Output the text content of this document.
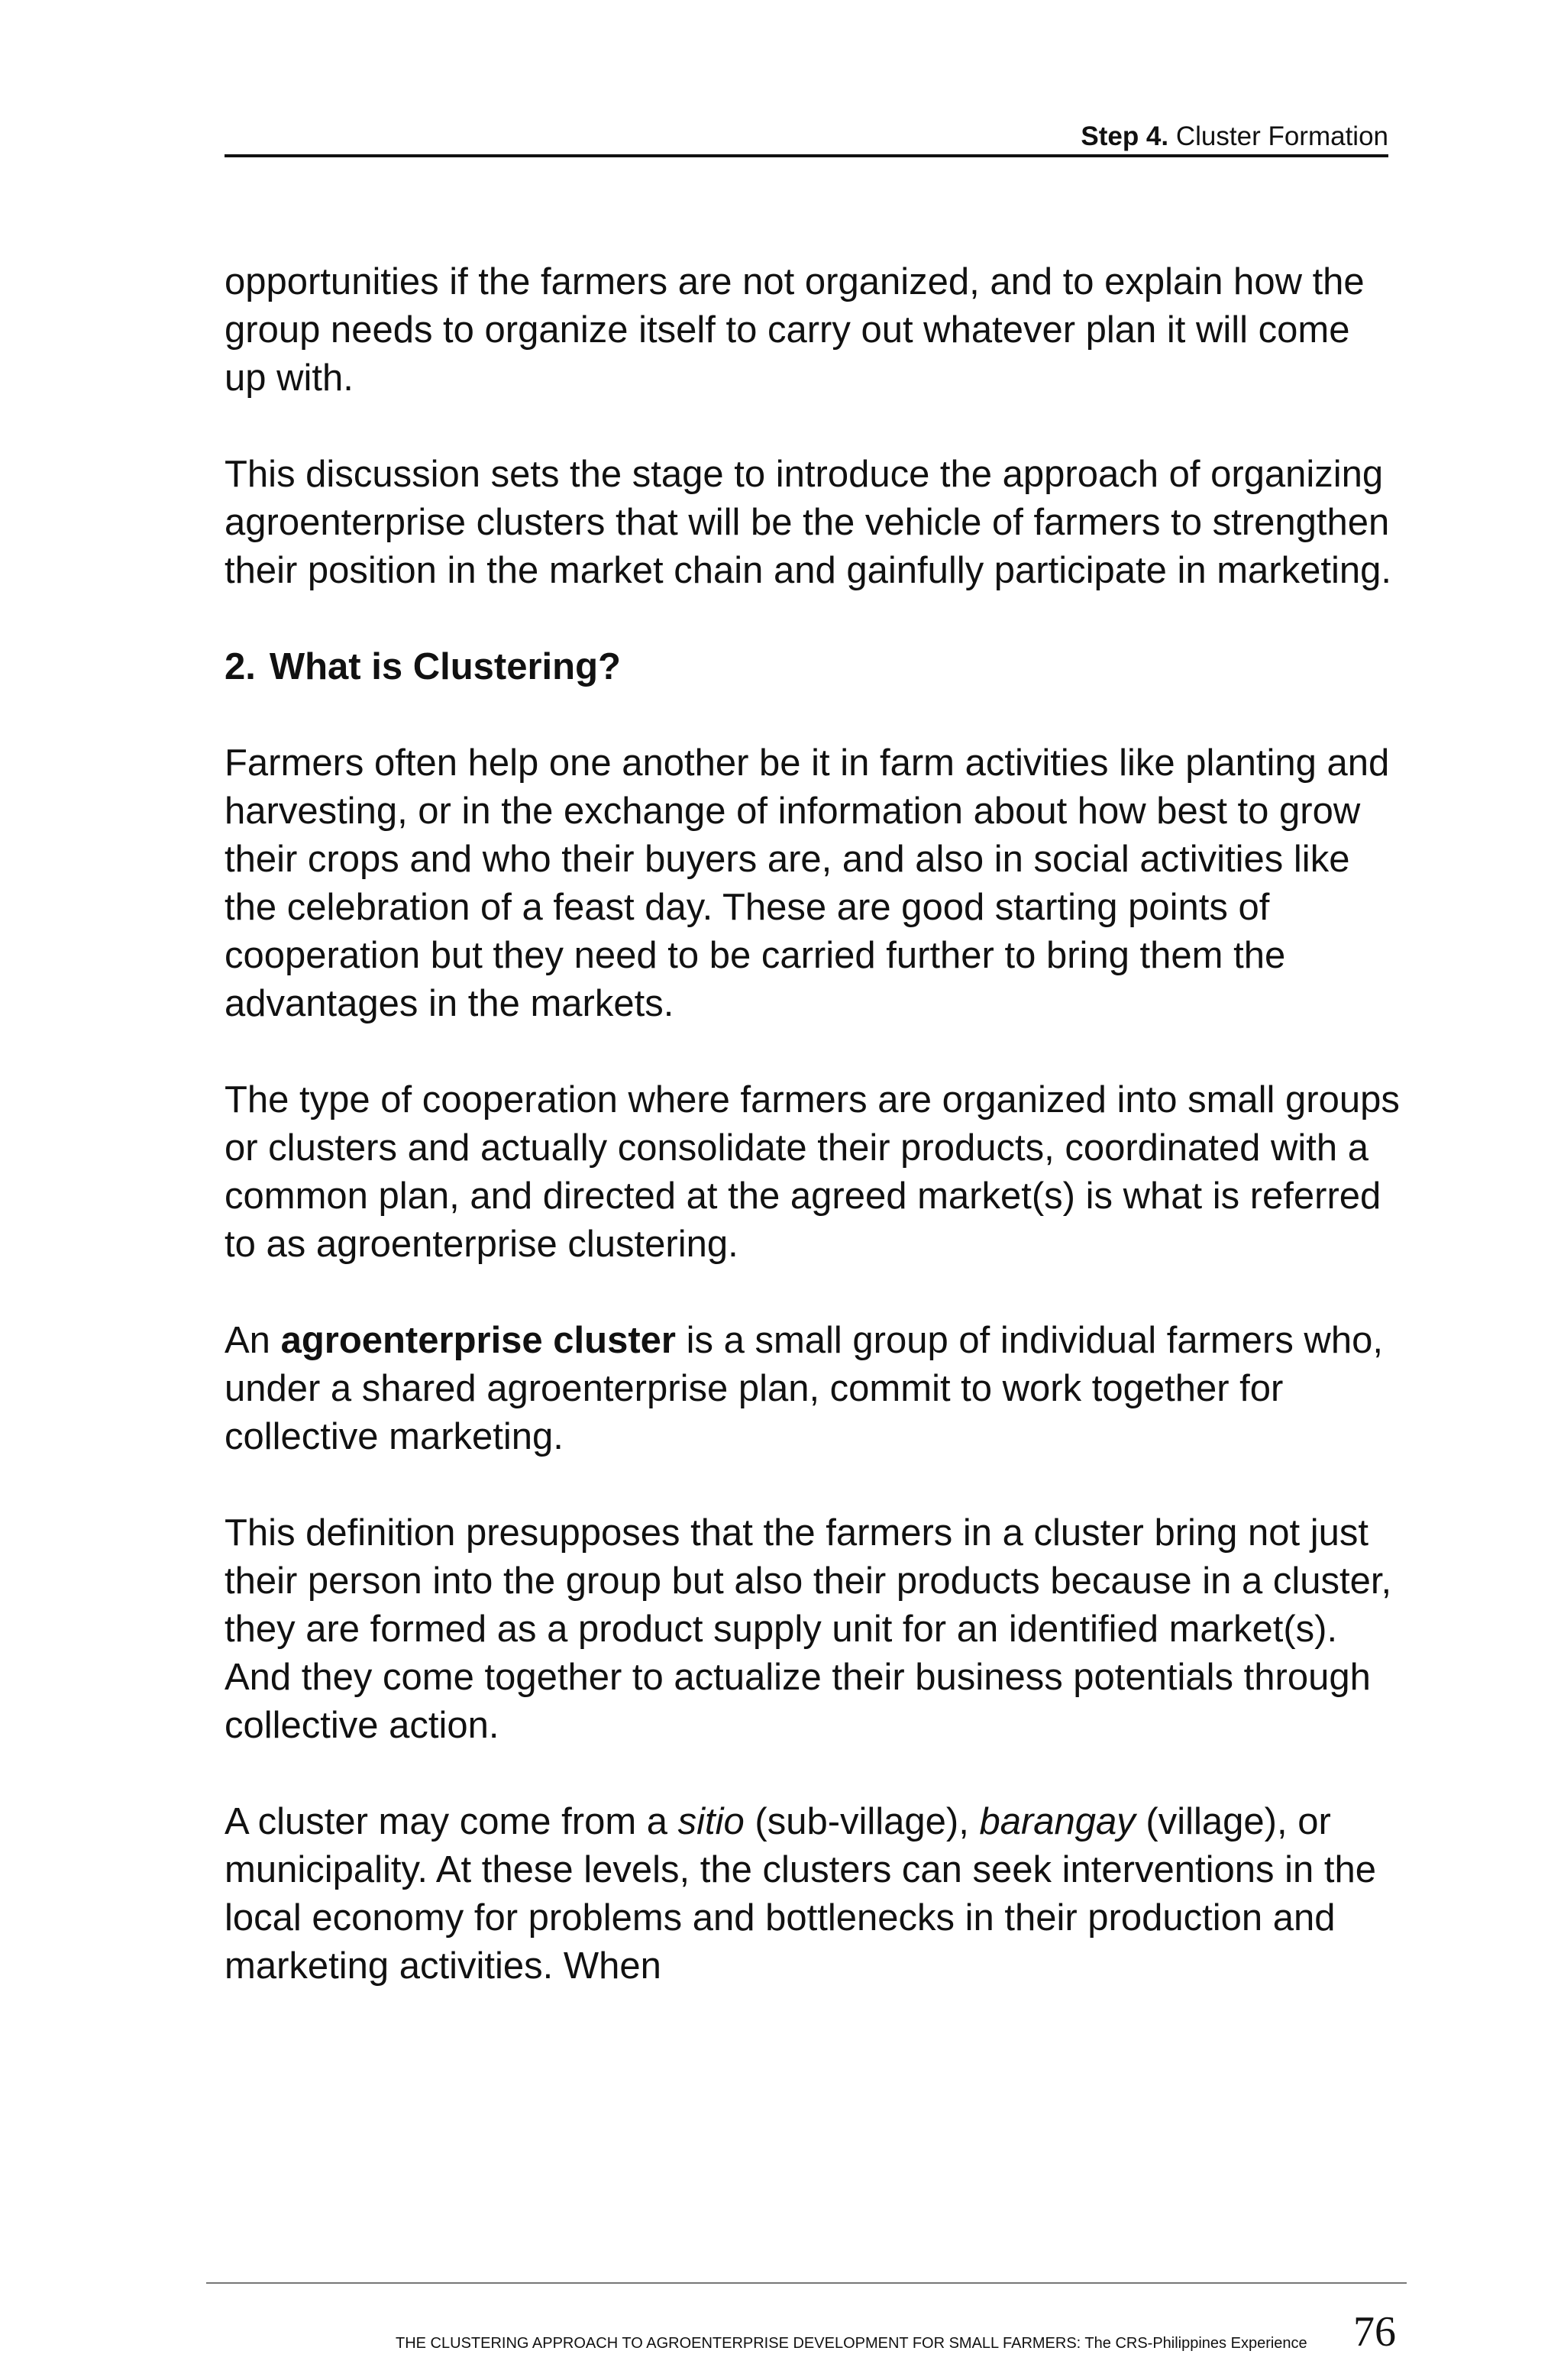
Step 4. Cluster Formation

opportunities if the farmers are not organized, and to explain how the group needs to organize itself to carry out whatever plan it will come up with.

This discussion sets the stage to introduce the approach of organizing agroenterprise clusters that will be the vehicle of farmers to strengthen their position in the market chain and gainfully participate in marketing.

2. What is Clustering?

Farmers often help one another be it in farm activities like planting and harvesting, or in the exchange of information about how best to grow their crops and who their buyers are, and also in social activities like the celebration of a feast day. These are good starting points of cooperation but they need to be carried further to bring them the advantages in the markets.

The type of cooperation where farmers are organized into small groups or clusters and actually consolidate their products, coordinated with a common plan, and directed at the agreed market(s) is what is referred to as agroenterprise clustering.

An agroenterprise cluster is a small group of individual farmers who, under a shared agroenterprise plan, commit to work together for collective marketing.

This definition presupposes that the farmers in a cluster bring not just their person into the group but also their products because in a cluster, they are formed as a product supply unit for an identified market(s). And they come together to actualize their business potentials through collective action.

A cluster may come from a sitio (sub-village), barangay (village), or municipality. At these levels, the clusters can seek interventions in the local economy for problems and bottlenecks in their production and marketing activities. When

THE CLUSTERING APPROACH TO AGROENTERPRISE DEVELOPMENT FOR SMALL FARMERS: The CRS-Philippines Experience 76
